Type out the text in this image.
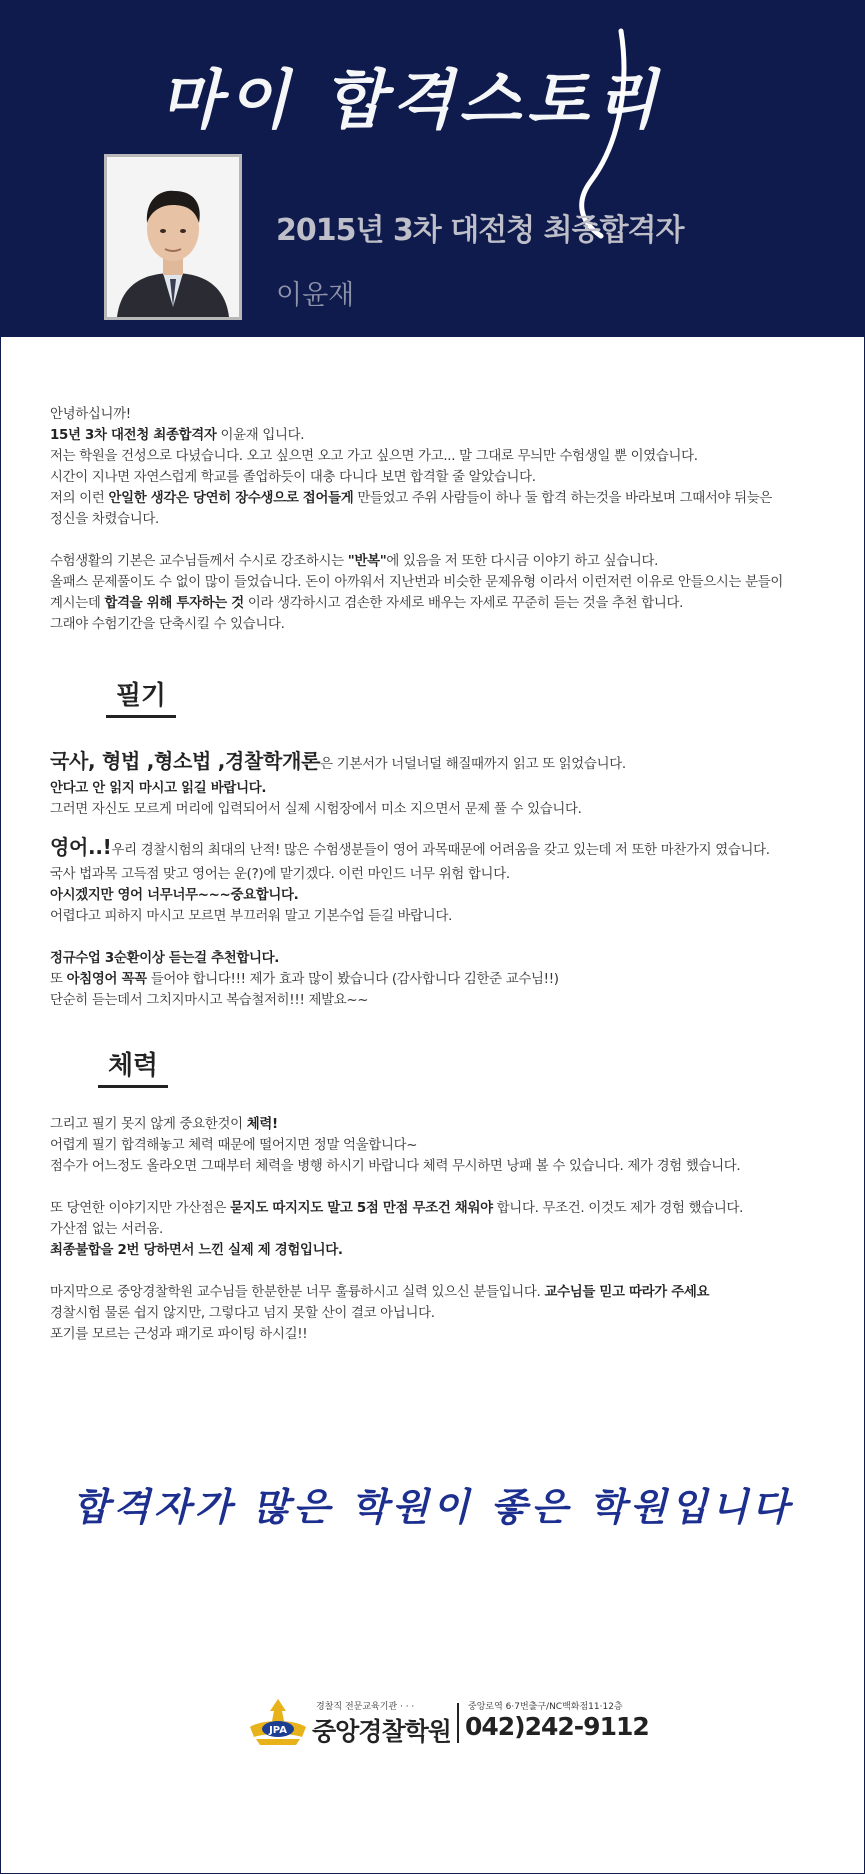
마이 합격스토리
2015년 3차 대전청 최종합격자
이윤재

안녕하십니까!
15년 3차 대전청 최종합격자 이윤재 입니다.
저는 학원을 건성으로 다녔습니다. 오고 싶으면 오고 가고 싶으면 가고... 말 그대로 무늬만 수험생일 뿐 이였습니다.
시간이 지나면 자연스럽게 학교를 졸업하듯이 대충 다니다 보면 합격할 줄 알았습니다.
저의 이런 안일한 생각은 당연히 장수생으로 접어들게 만들었고 주위 사람들이 하나 둘 합격 하는것을 바라보며 그때서야 뒤늦은
정신을 차렸습니다.
수험생활의 기본은 교수님들께서 수시로 강조하시는 "반복"에 있음을 저 또한 다시금 이야기 하고 싶습니다.
올패스 문제풀이도 수 없이 많이 들었습니다. 돈이 아까워서 지난번과 비슷한 문제유형 이라서 이런저런 이유로 안들으시는 분들이
계시는데 합격을 위해 투자하는 것 이라 생각하시고 겸손한 자세로 배우는 자세로 꾸준히 듣는 것을 추천 합니다.
그래야 수험기간을 단축시킬 수 있습니다.

필기

국사, 형법 ,형소법 ,경찰학개론은 기본서가 너덜너덜 해질때까지 읽고 또 읽었습니다.
안다고 안 읽지 마시고 읽길 바랍니다.
그러면 자신도 모르게 머리에 입력되어서 실제 시험장에서 미소 지으면서 문제 풀 수 있습니다.
영어..!우리 경찰시험의 최대의 난적! 많은 수험생분들이 영어 과목때문에 어려움을 갖고 있는데 저 또한 마찬가지 였습니다.
국사 법과목 고득점 맞고 영어는 운(?)에 맡기겠다. 이런 마인드 너무 위험 합니다.
아시겠지만 영어 너무너무~~~중요합니다.
어렵다고 피하지 마시고 모르면 부끄러워 말고 기본수업 듣길 바랍니다.
정규수업 3순환이상 듣는걸 추천합니다.
또 아침영어 꼭꼭 들어야 합니다!!! 제가 효과 많이 봤습니다 (감사합니다 김한준 교수님!!)
단순히 듣는데서 그치지마시고 복습철저히!!! 제발요~~

체력

그리고 필기 못지 않게 중요한것이 체력!
어렵게 필기 합격해놓고 체력 때문에 떨어지면 정말 억울합니다~
점수가 어느정도 올라오면 그때부터 체력을 병행 하시기 바랍니다 체력 무시하면 낭패 볼 수 있습니다. 제가 경험 했습니다.
또 당연한 이야기지만 가산점은 묻지도 따지지도 말고 5점 만점 무조건 채워야 합니다. 무조건. 이것도 제가 경험 했습니다.
가산점 없는 서러움.
최종불합을 2번 당하면서 느낀 실제 제 경험입니다.
마지막으로 중앙경찰학원 교수님들 한분한분 너무 훌륭하시고 실력 있으신 분들입니다. 교수님들 믿고 따라가 주세요
경찰시험 물론 쉽지 않지만, 그렇다고 넘지 못할 산이 결코 아닙니다.
포기를 모르는 근성과 패기로 파이팅 하시길!!

합격자가 많은 학원이 좋은 학원입니다
JPA
경찰직 전문교육기관 · · ·
중앙경찰학원
중앙로역 6·7번출구/NC백화점11·12층
042)242-9112
